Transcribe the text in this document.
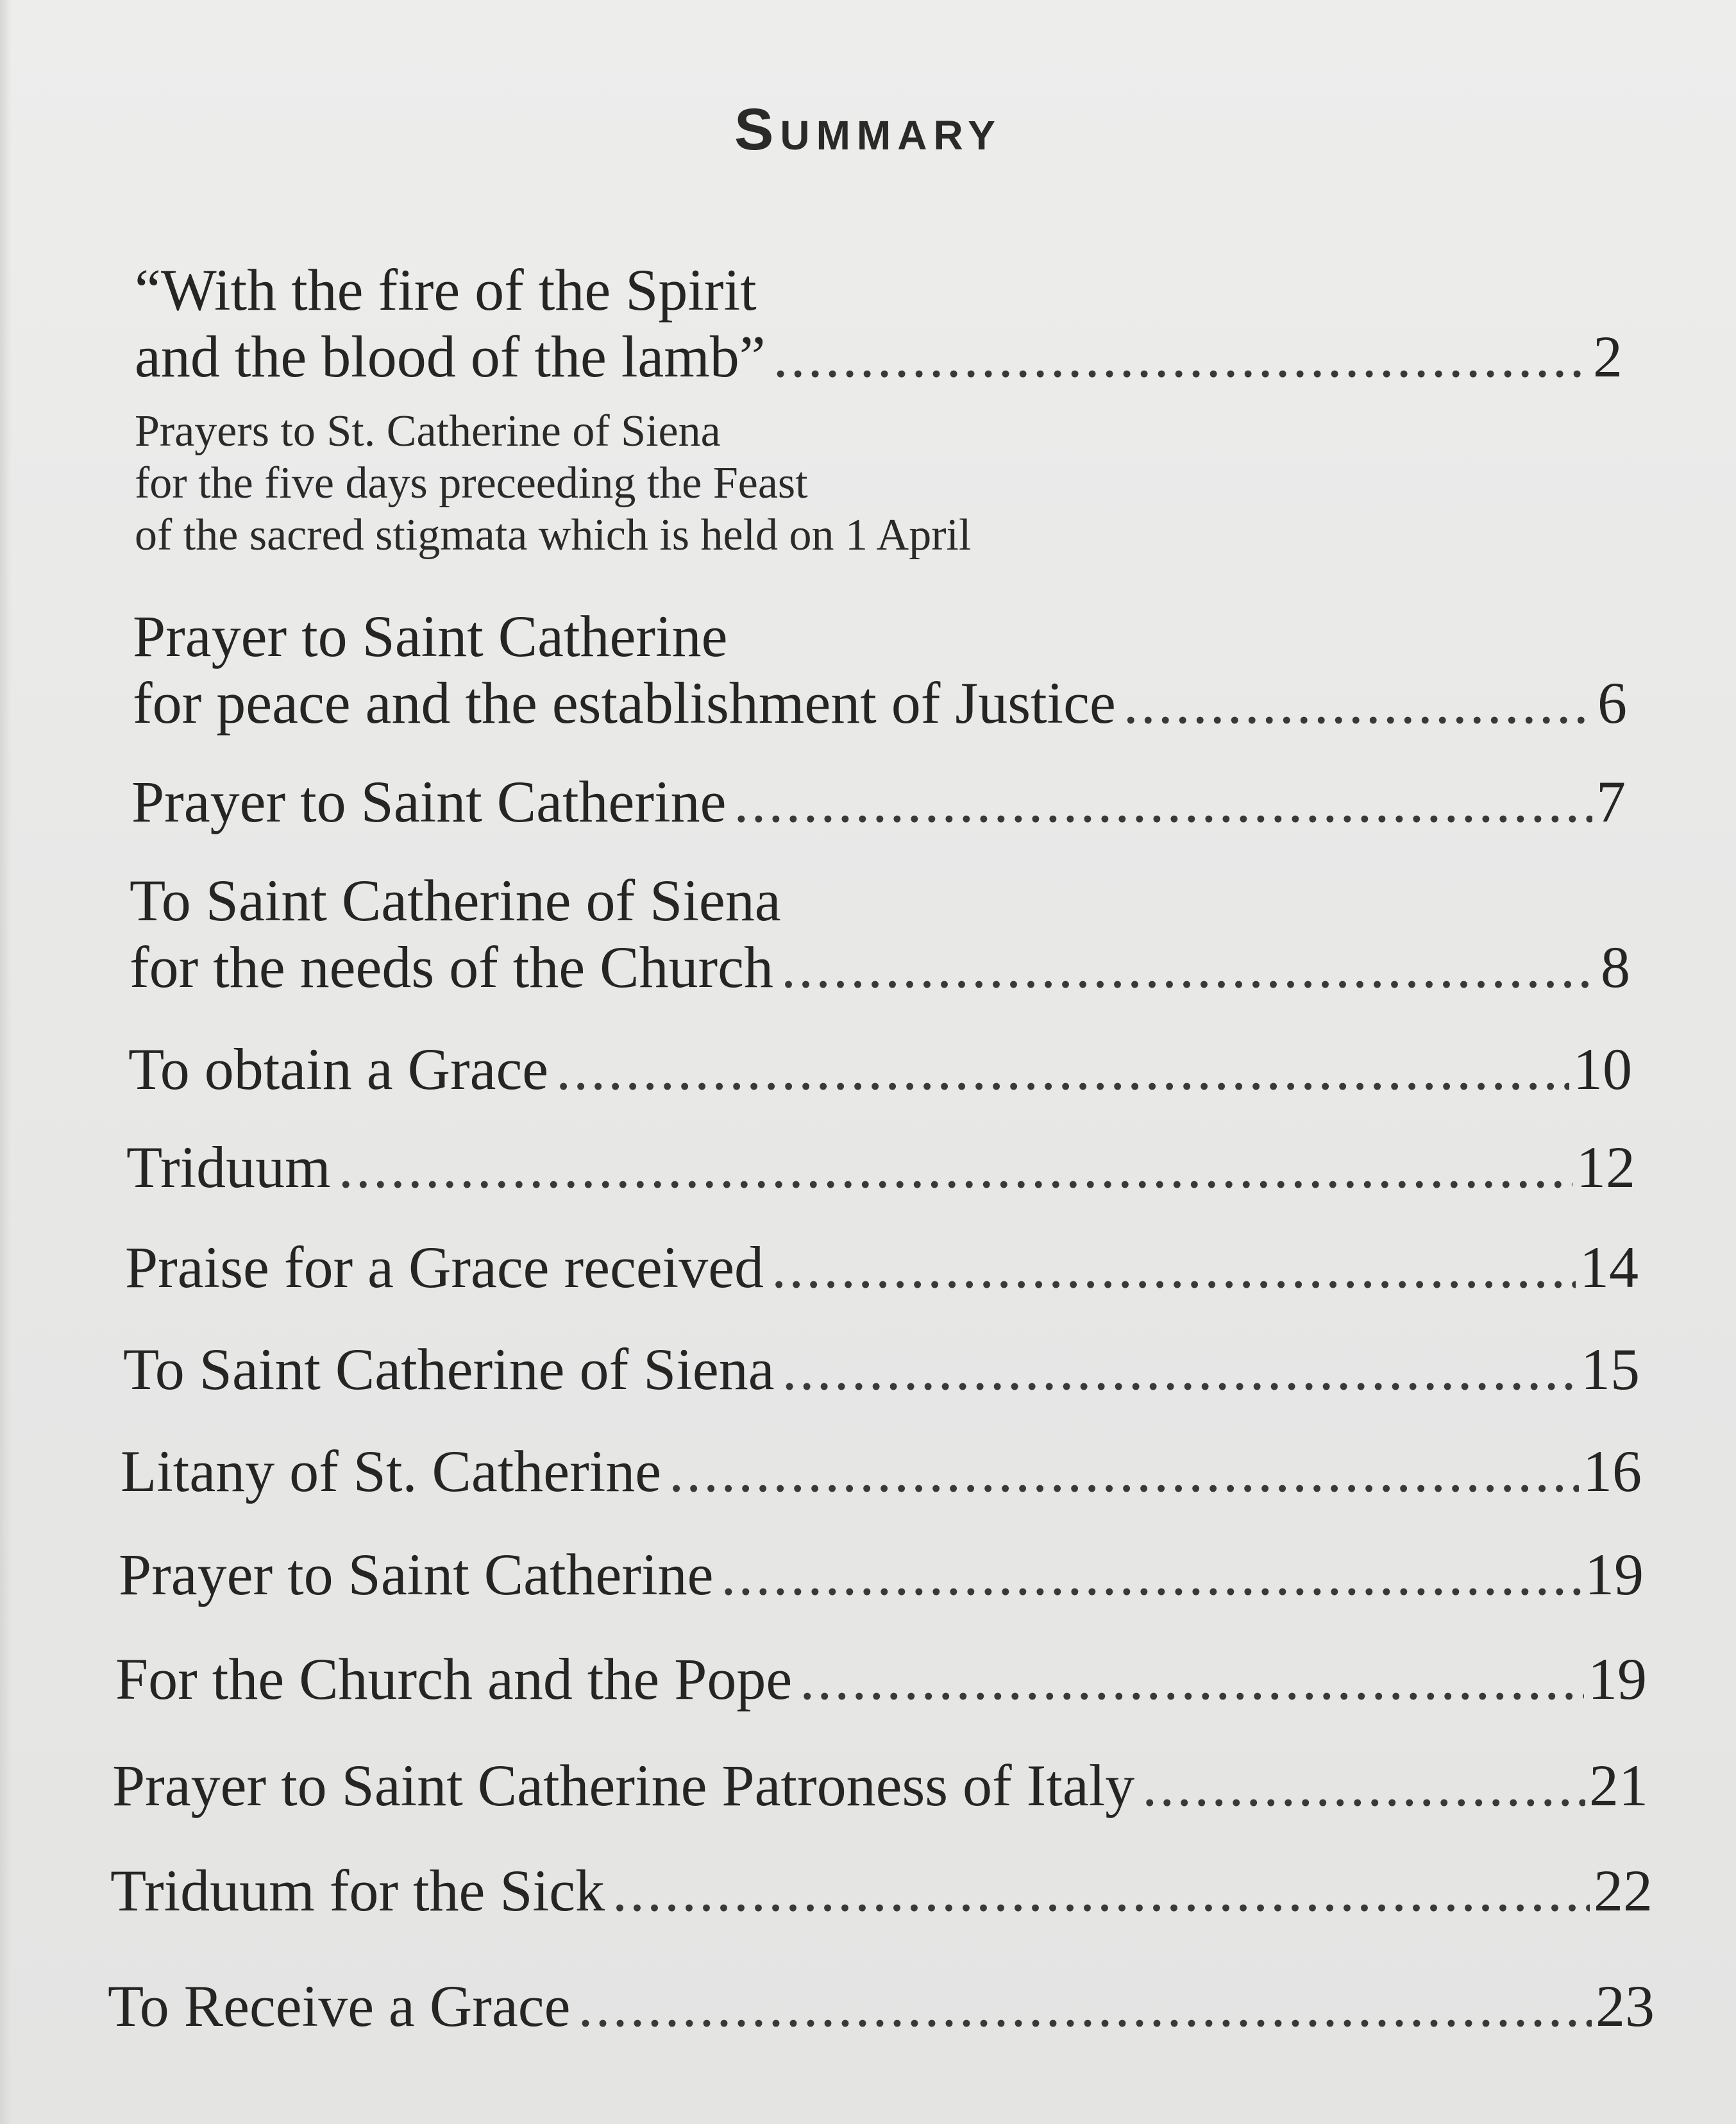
Summary
“With the fire of the Spirit
and the blood of the lamb” .....	2
Prayers to St. Catherine of Siena
for the five days preceeding the Feast
of the sacred stigmata which is held on 1 April
Prayer to Saint Catherine
for peace and the establishment of Justice .....	6
Prayer to Saint Catherine .....	7
To Saint Catherine of Siena
for the needs of the Church .....	8
To obtain a Grace .....	10
Triduum .....	12
Praise for a Grace received .....	14
To Saint Catherine of Siena .....	15
Litany of St. Catherine .....	16
Prayer to Saint Catherine .....	19
For the Church and the Pope .....	19
Prayer to Saint Catherine Patroness of Italy .....	21
Triduum for the Sick .....	22
To Receive a Grace .....	23
